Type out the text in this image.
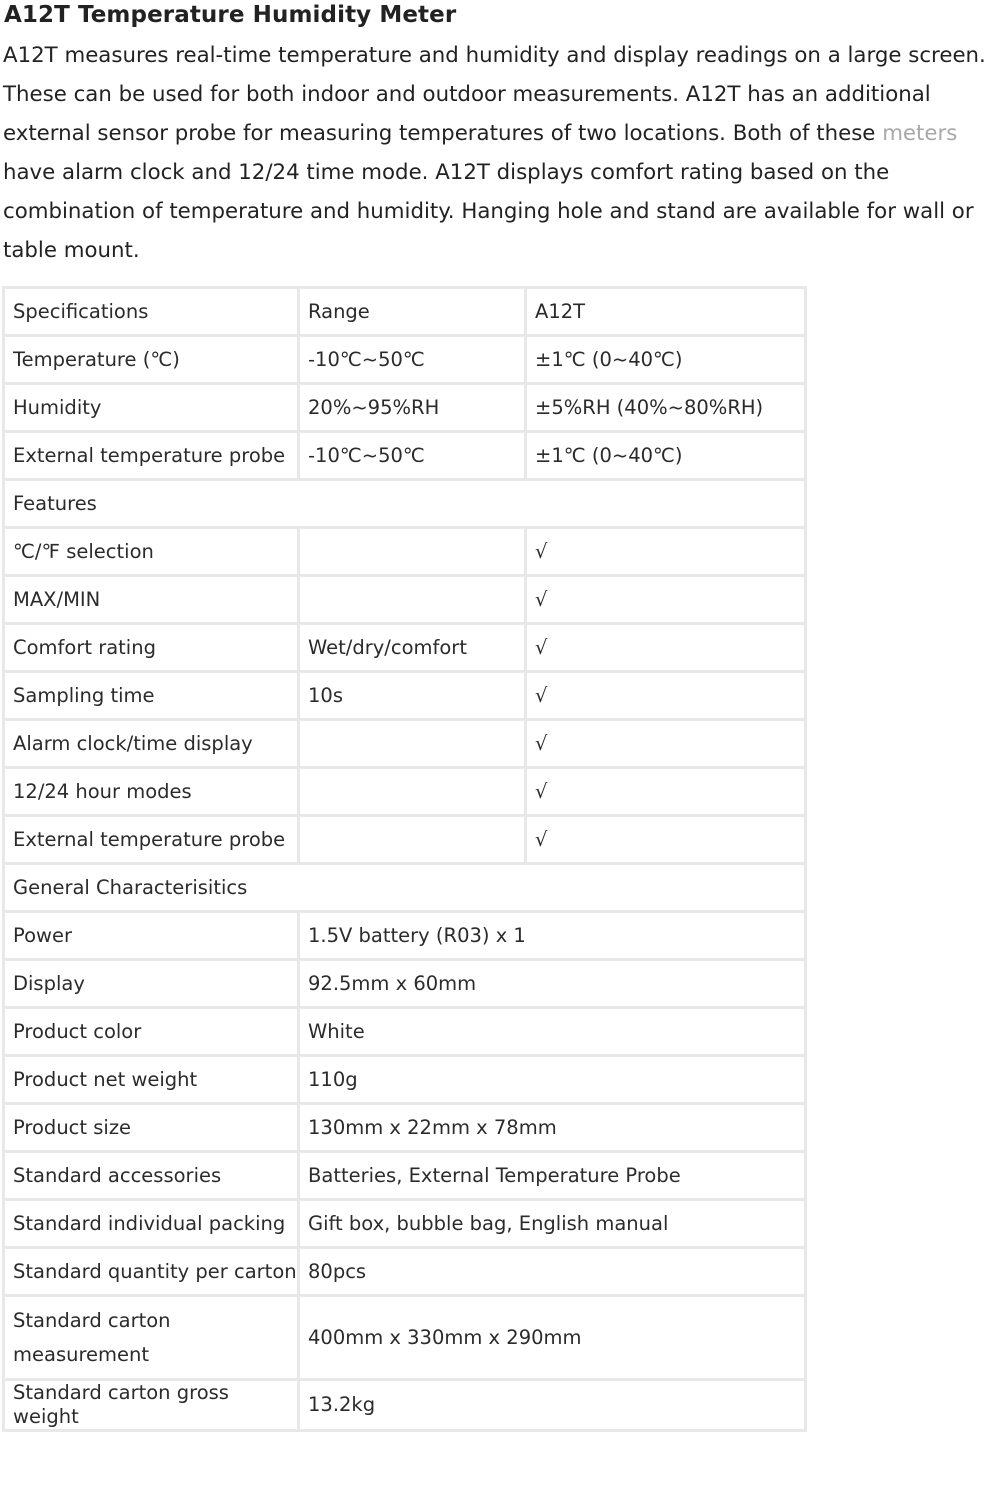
A12T Temperature Humidity Meter

A12T measures real-time temperature and humidity and display readings on a large screen. These can be used for both indoor and outdoor measurements. A12T has an additional external sensor probe for measuring temperatures of two locations. Both of these meters have alarm clock and 12/24 time mode. A12T displays comfort rating based on the combination of temperature and humidity. Hanging hole and stand are available for wall or table mount.

Specifications	Range	A12T
Temperature (℃)	-10℃~50℃	±1℃ (0~40℃)
Humidity	20%~95%RH	±5%RH (40%~80%RH)
External temperature probe	-10℃~50℃	±1℃ (0~40℃)
Features		
℃/℉ selection		√
MAX/MIN		√
Comfort rating	Wet/dry/comfort	√
Sampling time	10s	√
Alarm clock/time display		√
12/24 hour modes		√
External temperature probe		√
General Characterisitics		
Power	1.5V battery (R03) x 1	
Display	92.5mm x 60mm	
Product color	White	
Product net weight	110g	
Product size	130mm x 22mm x 78mm	
Standard accessories	Batteries, External Temperature Probe	
Standard individual packing	Gift box, bubble bag, English manual	
Standard quantity per carton	80pcs	
Standard carton measurement	400mm x 330mm x 290mm	
Standard carton gross weight	13.2kg	
